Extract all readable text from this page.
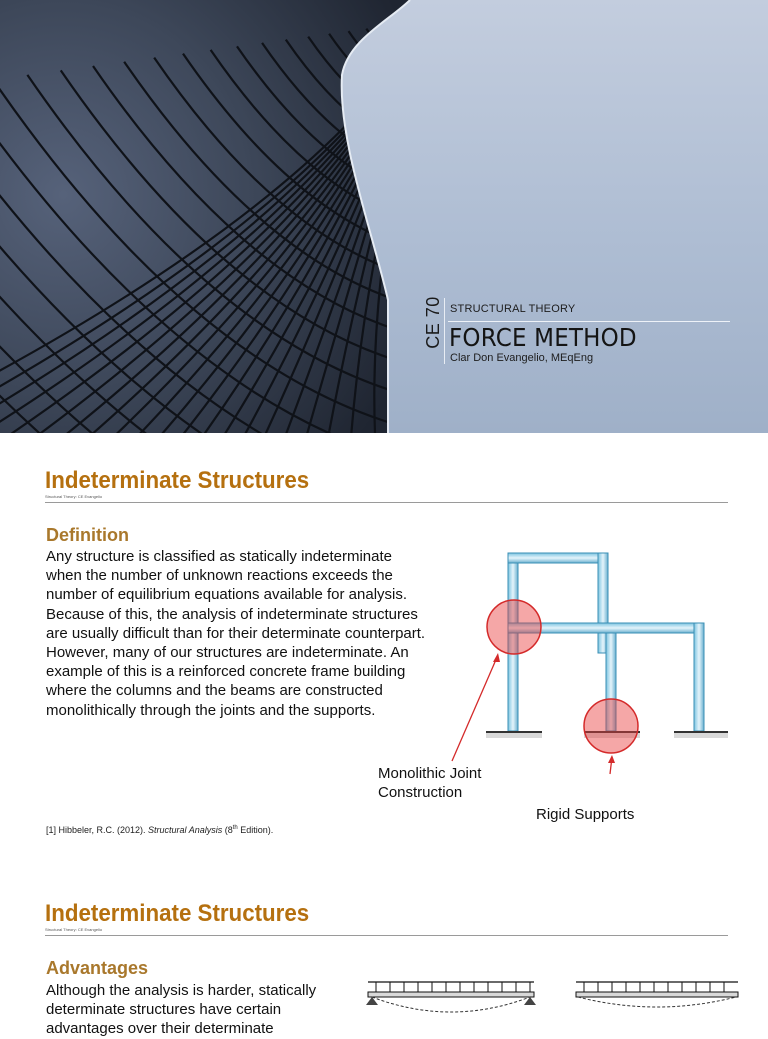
CE 70 STRUCTURAL THEORY
FORCE METHOD
Clar Don Evangelio, MEqEng
Indeterminate Structures
Structural Theory: CE Evangelio
Definition
Any structure is classified as statically indeterminate when the number of unknown reactions exceeds the number of equilibrium equations available for analysis. Because of this, the analysis of indeterminate structures are usually difficult than for their determinate counterpart. However, many of our structures are indeterminate. An example of this is a reinforced concrete frame building where the columns and the beams are constructed monolithically through the joints and the supports.
[1] Hibbeler, R.C. (2012). Structural Analysis (8th Edition).
Monolithic Joint
Construction
Rigid Supports
Indeterminate Structures
Structural Theory: CE Evangelio
Advantages
Although the analysis is harder, statically determinate structures have certain advantages over their determinate
